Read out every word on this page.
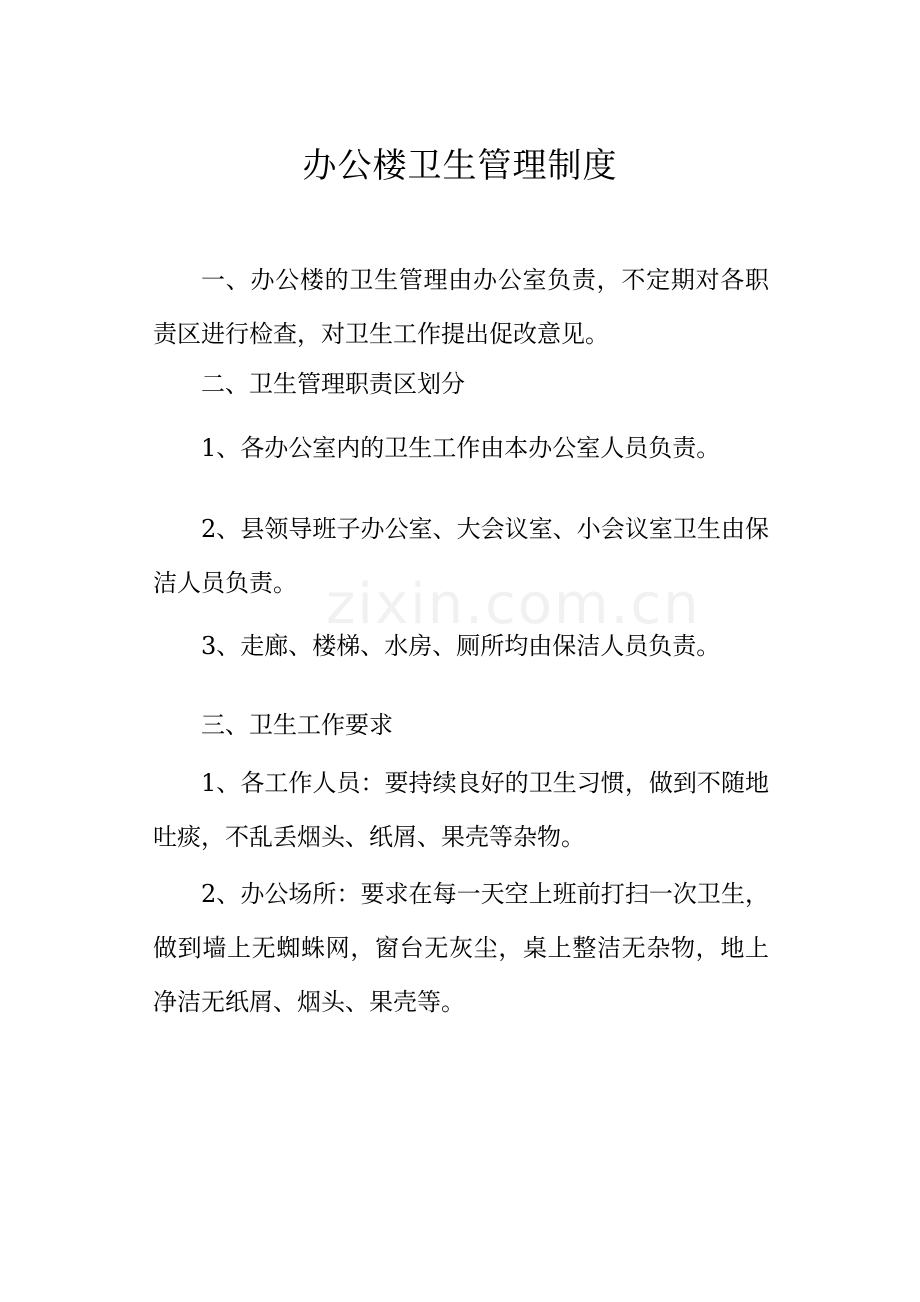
办公楼卫生管理制度
一、办公楼的卫生管理由办公室负责，不定期对各职责区进行检查，对卫生工作提出促改意见。
二、卫生管理职责区划分
1、各办公室内的卫生工作由本办公室人员负责。
2、县领导班子办公室、大会议室、小会议室卫生由保洁人员负责。
3、走廊、楼梯、水房、厕所均由保洁人员负责。
三、卫生工作要求
1、各工作人员：要持续良好的卫生习惯，做到不随地吐痰，不乱丢烟头、纸屑、果壳等杂物。
2、办公场所：要求在每一天空上班前打扫一次卫生，做到墙上无蜘蛛网，窗台无灰尘，桌上整洁无杂物，地上净洁无纸屑、烟头、果壳等。
zixin.com.cn
